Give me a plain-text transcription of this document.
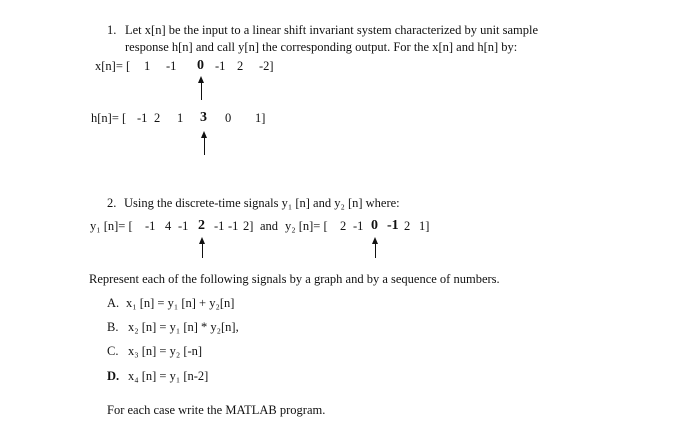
1. Let x[n] be the input to a linear shift invariant system characterized by unit sample
response h[n] and call y[n] the corresponding output. For the x[n] and h[n] by:
x[n]= [ 1 -1 0 -1 2 -2]
h[n]= [ -1 2 1 3 0 1]
2. Using the discrete-time signals y₁ [n] and y₂ [n] where:
y₁ [n]= [ -1 4 -1 2 -1 -1 2] and y₂ [n]= [ 2 -1 0 -1 2 1]
Represent each of the following signals by a graph and by a sequence of numbers.
A. x₁ [n] = y₁ [n] + y₂[n]
B. x₂ [n] = y₁ [n] * y₂[n],
C. x₃ [n] = y₂ [-n]
D. x₄ [n] = y₁ [n-2]
For each case write the MATLAB program.
